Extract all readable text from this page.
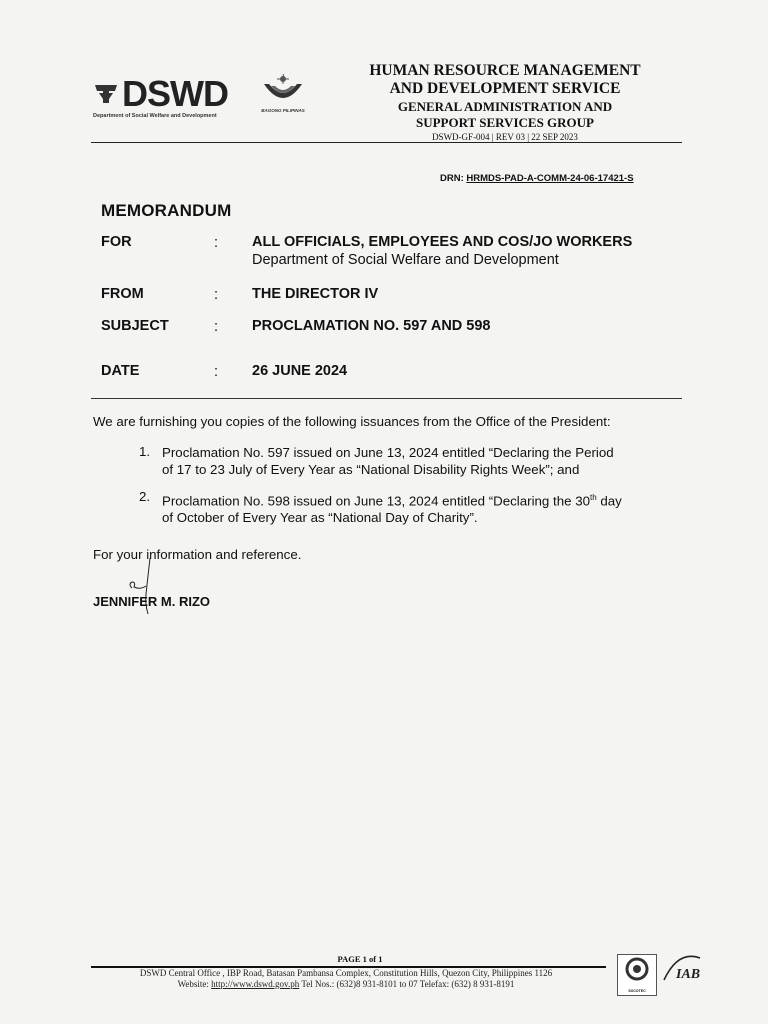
DSWD
Department of Social Welfare and Development
BAGONG PILIPINAS
HUMAN RESOURCE MANAGEMENT
AND DEVELOPMENT SERVICE
GENERAL ADMINISTRATION AND
SUPPORT SERVICES GROUP
DSWD-GF-004 | REV 03 | 22 SEP 2023
DRN: HRMDS-PAD-A-COMM-24-06-17421-S
MEMORANDUM
FOR	: ALL OFFICIALS, EMPLOYEES AND COS/JO WORKERS
Department of Social Welfare and Development
FROM	: THE DIRECTOR IV
SUBJECT	: PROCLAMATION NO. 597 AND 598
DATE	: 26 JUNE 2024
We are furnishing you copies of the following issuances from the Office of the President:
1. Proclamation No. 597 issued on June 13, 2024 entitled “Declaring the Period
of 17 to 23 July of Every Year as “National Disability Rights Week”; and
2. Proclamation No. 598 issued on June 13, 2024 entitled “Declaring the 30th day
of October of Every Year as “National Day of Charity”.
For your information and reference.
JENNIFER M. RIZO
PAGE 1 of 1
DSWD Central Office , IBP Road, Batasan Pambansa Complex, Constitution Hills, Quezon City, Philippines 1126
Website: http://www.dswd.gov.ph Tel Nos.: (632)8 931-8101 to 07 Telefax: (632) 8 931-8191
SOCOTEC
IAB
